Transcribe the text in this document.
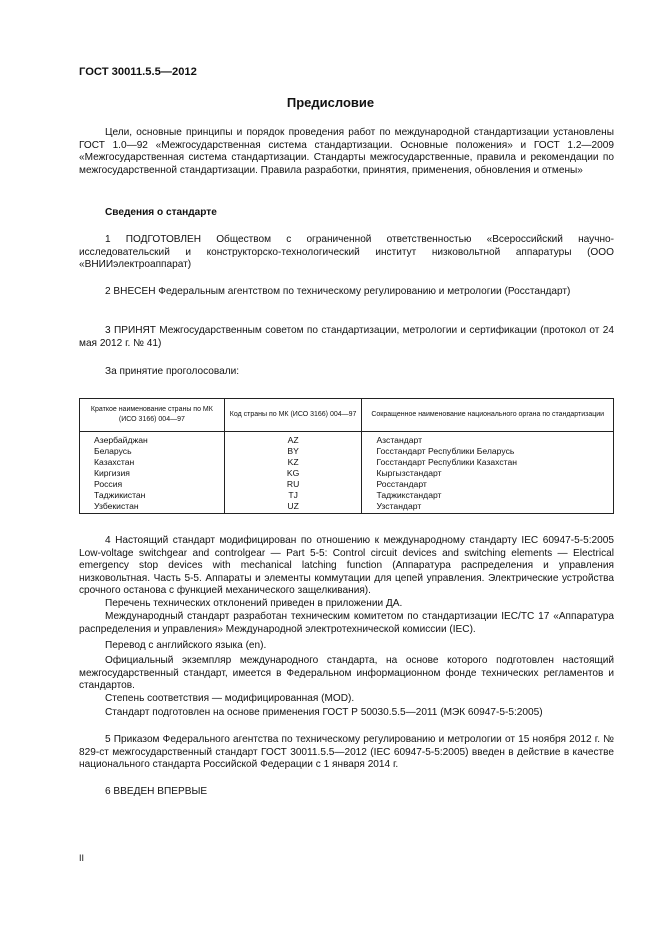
ГОСТ 30011.5.5—2012
Предисловие
Цели, основные принципы и порядок проведения работ по международной стандартизации установлены ГОСТ 1.0—92 «Межгосударственная система стандартизации. Основные положения» и ГОСТ 1.2—2009 «Межгосударственная система стандартизации. Стандарты межгосударственные, правила и рекомендации по межгосударственной стандартизации. Правила разработки, принятия, применения, обновления и отмены»
Сведения о стандарте
1 ПОДГОТОВЛЕН Обществом с ограниченной ответственностью «Всероссийский научно-исследовательский и конструкторско-технологический институт низковольтной аппаратуры (ООО «ВНИИэлектроаппарат)
2 ВНЕСЕН Федеральным агентством по техническому регулированию и метрологии (Росстандарт)
3 ПРИНЯТ Межгосударственным советом по стандартизации, метрологии и сертификации (протокол от 24 мая 2012 г. № 41)
За принятие проголосовали:
Краткое наименование страны по МК (ИСО 3166) 004—97	Код страны по МК (ИСО 3166) 004—97	Сокращенное наименование национального органа по стандартизации
Азербайджан	AZ	Азстандарт
Беларусь	BY	Госстандарт Республики Беларусь
Казахстан	KZ	Госстандарт Республики Казахстан
Киргизия	KG	Кыргызстандарт
Россия	RU	Росстандарт
Таджикистан	TJ	Таджикстандарт
Узбекистан	UZ	Узстандарт
4 Настоящий стандарт модифицирован по отношению к международному стандарту IEC 60947-5-5:2005 Low-voltage switchgear and controlgear — Part 5-5: Control circuit devices and switching elements — Electrical emergency stop devices with mechanical latching function (Аппаратура распределения и управления низковольтная. Часть 5-5. Аппараты и элементы коммутации для цепей управления. Электрические устройства срочного останова с функцией механического защелкивания).
Перечень технических отклонений приведен в приложении ДА.
Международный стандарт разработан техническим комитетом по стандартизации IEC/TC 17 «Аппаратура распределения и управления» Международной электротехнической комиссии (IEC).
Перевод с английского языка (en).
Официальный экземпляр международного стандарта, на основе которого подготовлен настоящий межгосударственный стандарт, имеется в Федеральном информационном фонде технических регламентов и стандартов.
Степень соответствия — модифицированная (MOD).
Стандарт подготовлен на основе применения ГОСТ Р 50030.5.5—2011 (МЭК 60947-5-5:2005)
5 Приказом Федерального агентства по техническому регулированию и метрологии от 15 ноября 2012 г. № 829-ст межгосударственный стандарт ГОСТ 30011.5.5—2012 (IEC 60947-5-5:2005) введен в действие в качестве национального стандарта Российской Федерации с 1 января 2014 г.
6 ВВЕДЕН ВПЕРВЫЕ
II
